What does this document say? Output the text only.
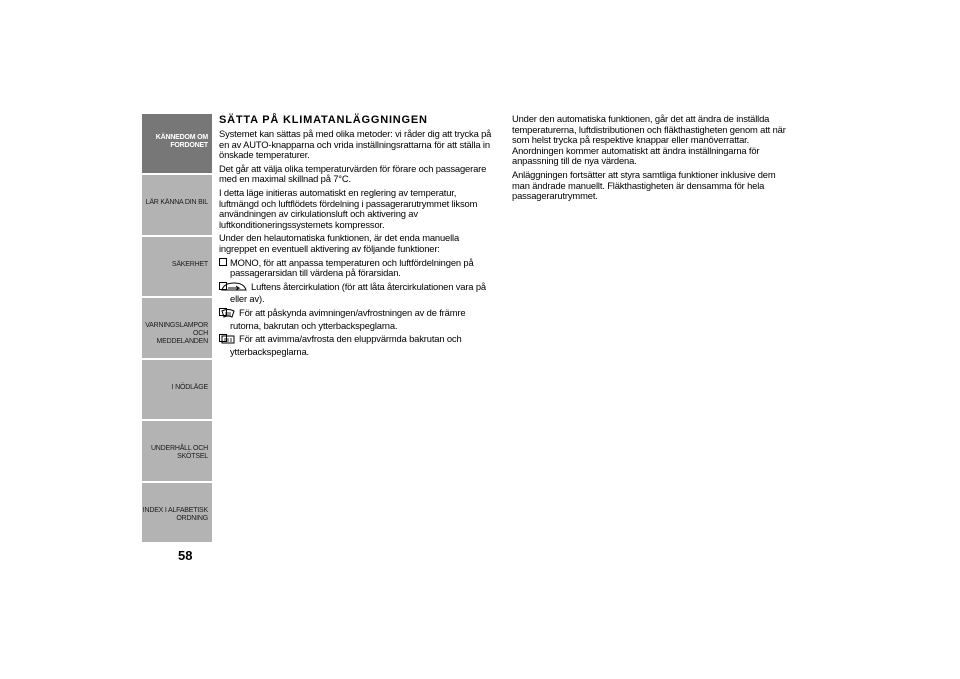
KÄNNEDOM OM
FORDONET
LÄR KÄNNA DIN BIL
SÄKERHET
VARNINGSLAMPOR
OCH MEDDELANDEN
I NÖDLÄGE
UNDERHÅLL OCH
SKÖTSEL
INDEX I ALFABETISK
ORDNING
58
SÄTTA PÅ KLIMATANLÄGGNINGEN

Systemet kan sättas på med olika metoder: vi råder dig att trycka på en av AUTO-knapparna och vrida inställningsrattarna för att ställa in önskade temperaturer.

Det går att välja olika temperaturvärden för förare och passagerare med en maximal skillnad på 7°C.

I detta läge initieras automatiskt en reglering av temperatur, luftmängd och luftflödets fördelning i passagerarutrymmet liksom användningen av cirkulationsluft och aktivering av luftkonditioneringssystemets kompressor.

Under den helautomatiska funktionen, är det enda manuella ingreppet en eventuell aktivering av följande funktioner:

MONO, för att anpassa temperaturen och luftfördelningen på passagerarsidan till värdena på förarsidan.
Luftens återcirkulation (för att låta återcirkulationen vara på eller av).
För att påskynda avimningen/avfrostningen av de främre rutorna, bakrutan och ytterbackspeglarna.
För att avimma/avfrosta den eluppvärmda bakrutan och ytterbackspeglarna.

Under den automatiska funktionen, går det att ändra de inställda temperaturerna, luftdistributionen och fläkthastigheten genom att när som helst trycka på respektive knappar eller manöverrattar. Anordningen kommer automatiskt att ändra inställningarna för anpassning till de nya värdena.

Anläggningen fortsätter att styra samtliga funktioner inklusive dem man ändrade manuellt. Fläkthastigheten är densamma för hela passagerarutrymmet.
